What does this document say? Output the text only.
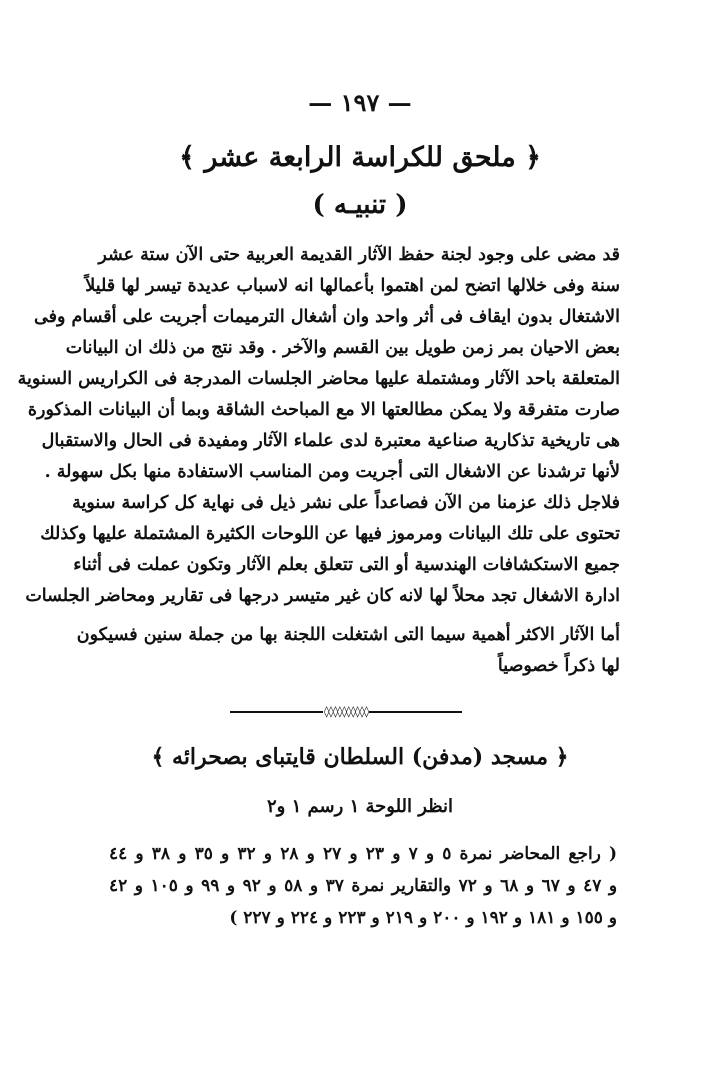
— ١٩٧ —
﴿ ملحق للكراسة الرابعة عشر ﴾
( تنبيـه )
قد مضى على وجود لجنة حفظ الآثار القديمة العربية حتى الآن ستة عشر
سنة وفى خلالها اتضح لمن اهتموا بأعمالها انه لاسباب عديدة تيسر لها قليلاً
الاشتغال بدون ايقاف فى أثر واحد وان أشغال الترميمات أجريت على أقسام وفى
بعض الاحيان بمر زمن طويل بين القسم والآخر . وقد نتج من ذلك ان البيانات
المتعلقة باحد الآثار ومشتملة عليها محاضر الجلسات المدرجة فى الكراريس السنوية
صارت متفرقة ولا يمكن مطالعتها الا مع المباحث الشاقة وبما أن البيانات المذكورة
هى تاريخية تذكارية صناعية معتبرة لدى علماء الآثار ومفيدة فى الحال والاستقبال
لأنها ترشدنا عن الاشغال التى أجريت ومن المناسب الاستفادة منها بكل سهولة .
فلاجل ذلك عزمنا من الآن فصاعداً على نشر ذيل فى نهاية كل كراسة سنوية
تحتوى على تلك البيانات ومرموز فيها عن اللوحات الكثيرة المشتملة عليها وكذلك
جميع الاستكشافات الهندسية أو التى تتعلق بعلم الآثار وتكون عملت فى أثناء
ادارة الاشغال تجد محلاً لها لانه كان غير متيسر درجها فى تقارير ومحاضر الجلسات
أما الآثار الاكثر أهمية سيما التى اشتغلت اللجنة بها من جملة سنين فسيكون
لها ذكراً خصوصياً
◊◊◊◊◊◊◊◊◊◊
﴿ مسجد (مدفن) السلطان قايتباى بصحرائه ﴾
انظر اللوحة ١ رسم ١ و٢
( راجع المحاضر نمرة ٥ و ٧ و ٢٣ و ٢٧ و ٢٨ و ٣٢ و ٣٥ و ٣٨ و ٤٤
و ٤٧ و ٦٧ و ٦٨ و ٧٢ والتقارير نمرة ٣٧ و ٥٨ و ٩٢ و ٩٩ و ١٠٥ و ٤٢
و ١٥٥ و ١٨١ و ١٩٢ و ٢٠٠ و ٢١٩ و ٢٢٣ و ٢٢٤ و ٢٢٧ )
